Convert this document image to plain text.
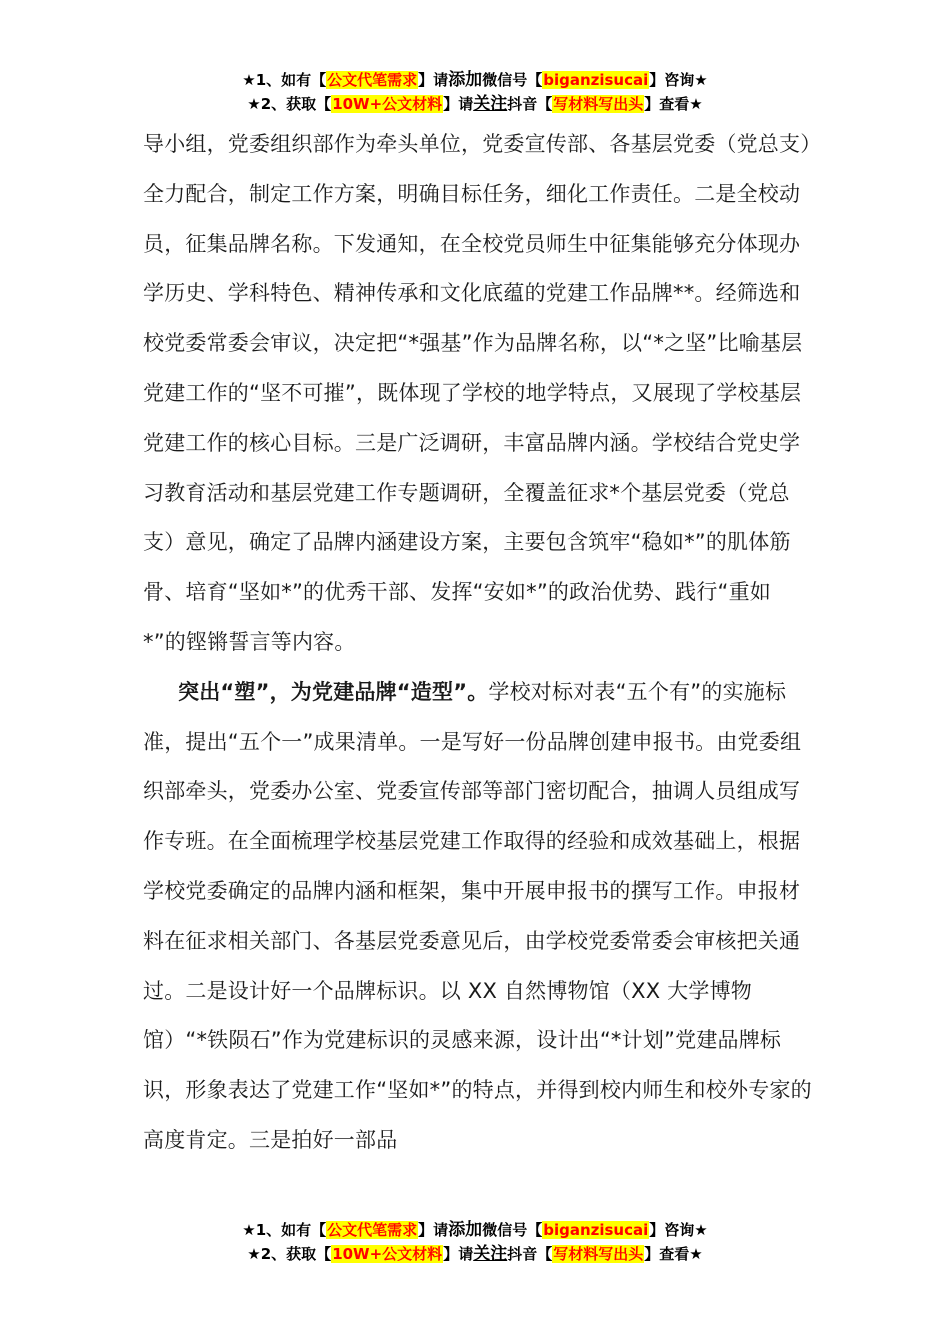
★1、如有【公文代笔需求】请添加微信号【biganzisucai】咨询★
★2、获取【10W+公文材料】请关注抖音【写材料写出头】查看★

导小组，党委组织部作为牵头单位，党委宣传部、各基层党委（党总支）全力配合，制定工作方案，明确目标任务，细化工作责任。二是全校动员，征集品牌名称。下发通知，在全校党员师生中征集能够充分体现办学历史、学科特色、精神传承和文化底蕴的党建工作品牌**。经筛选和校党委常委会审议，决定把“*强基”作为品牌名称，以“*之坚”比喻基层党建工作的“坚不可摧”，既体现了学校的地学特点，又展现了学校基层党建工作的核心目标。三是广泛调研，丰富品牌内涵。学校结合党史学习教育活动和基层党建工作专题调研，全覆盖征求*个基层党委（党总支）意见，确定了品牌内涵建设方案，主要包含筑牢“稳如*”的肌体筋骨、培育“坚如*”的优秀干部、发挥“安如*”的政治优势、践行“重如*”的铿锵誓言等内容。

突出“塑”，为党建品牌“造型”。学校对标对表“五个有”的实施标准，提出“五个一”成果清单。一是写好一份品牌创建申报书。由党委组织部牵头，党委办公室、党委宣传部等部门密切配合，抽调人员组成写作专班。在全面梳理学校基层党建工作取得的经验和成效基础上，根据学校党委确定的品牌内涵和框架，集中开展申报书的撰写工作。申报材料在征求相关部门、各基层党委意见后，由学校党委常委会审核把关通过。二是设计好一个品牌标识。以 XX 自然博物馆（XX 大学博物馆）“*铁陨石”作为党建标识的灵感来源，设计出“*计划”党建品牌标识，形象表达了党建工作“坚如*”的特点，并得到校内师生和校外专家的高度肯定。三是拍好一部品

★1、如有【公文代笔需求】请添加微信号【biganzisucai】咨询★
★2、获取【10W+公文材料】请关注抖音【写材料写出头】查看★
